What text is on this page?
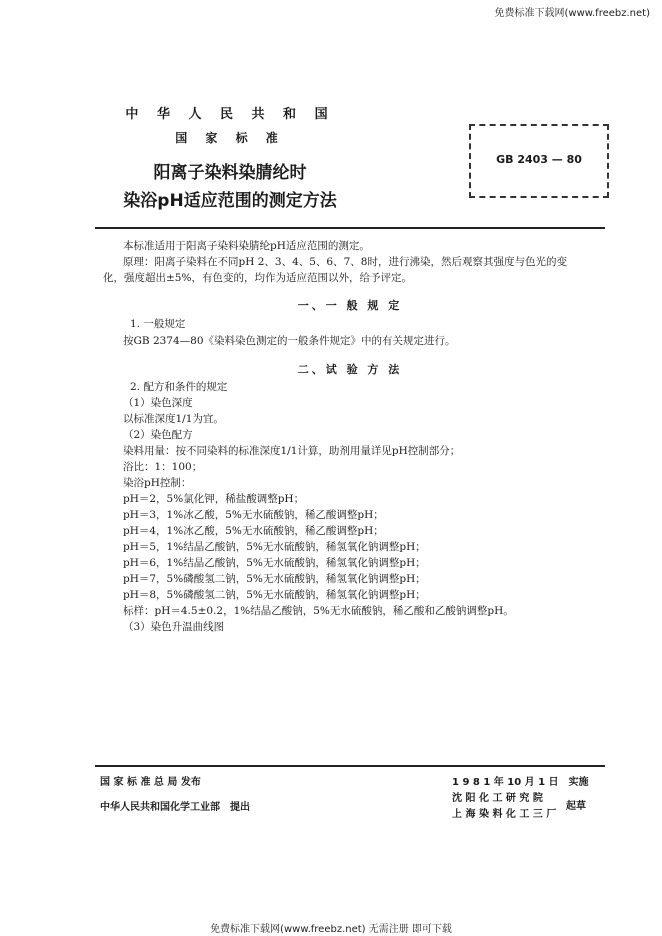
免费标准下载网(www.freebz.net)
中 华 人 民 共 和 国
国 家 标 准
阳离子染料染腈纶时
染浴pH适应范围的测定方法
GB 2403 — 80
本标准适用于阳离子染料染腈纶pH适应范围的测定。
原理：阳离子染料在不同pH 2、3、4、5、6、7、8时，进行沸染，然后观察其强度与色光的变
化，强度超出±5%，有色变的，均作为适应范围以外，给予评定。
一、一 般 规 定
1. 一般规定
按GB 2374—80《染料染色测定的一般条件规定》中的有关规定进行。
二、试 验 方 法
2. 配方和条件的规定
（1）染色深度
以标准深度1/1为宜。
（2）染色配方
染料用量：按不同染料的标准深度1/1计算，助剂用量详见pH控制部分；
浴比：1：100；
染浴pH控制：
pH＝2，5%氯化钾，稀盐酸调整pH；
pH＝3，1%冰乙酸，5%无水硫酸钠，稀乙酸调整pH；
pH＝4，1%冰乙酸，5%无水硫酸钠，稀乙酸调整pH；
pH＝5，1%结晶乙酸钠，5%无水硫酸钠，稀氢氧化钠调整pH；
pH＝6，1%结晶乙酸钠，5%无水硫酸钠，稀氢氧化钠调整pH；
pH＝7，5%磷酸氢二钠，5%无水硫酸钠，稀氢氧化钠调整pH；
pH＝8，5%磷酸氢二钠，5%无水硫酸钠，稀氢氧化钠调整pH；
标样：pH＝4.5±0.2，1%结晶乙酸钠，5%无水硫酸钠，稀乙酸和乙酸钠调整pH。
（3）染色升温曲线图
国 家 标 准 总 局 发布
中华人民共和国化学工业部　提出
1 9 8 1 年 10 月 1 日　实施
沈 阳 化 工 研 究 院
上 海 染 料 化 工 三 厂
起草
免费标准下载网(www.freebz.net) 无需注册 即可下载
